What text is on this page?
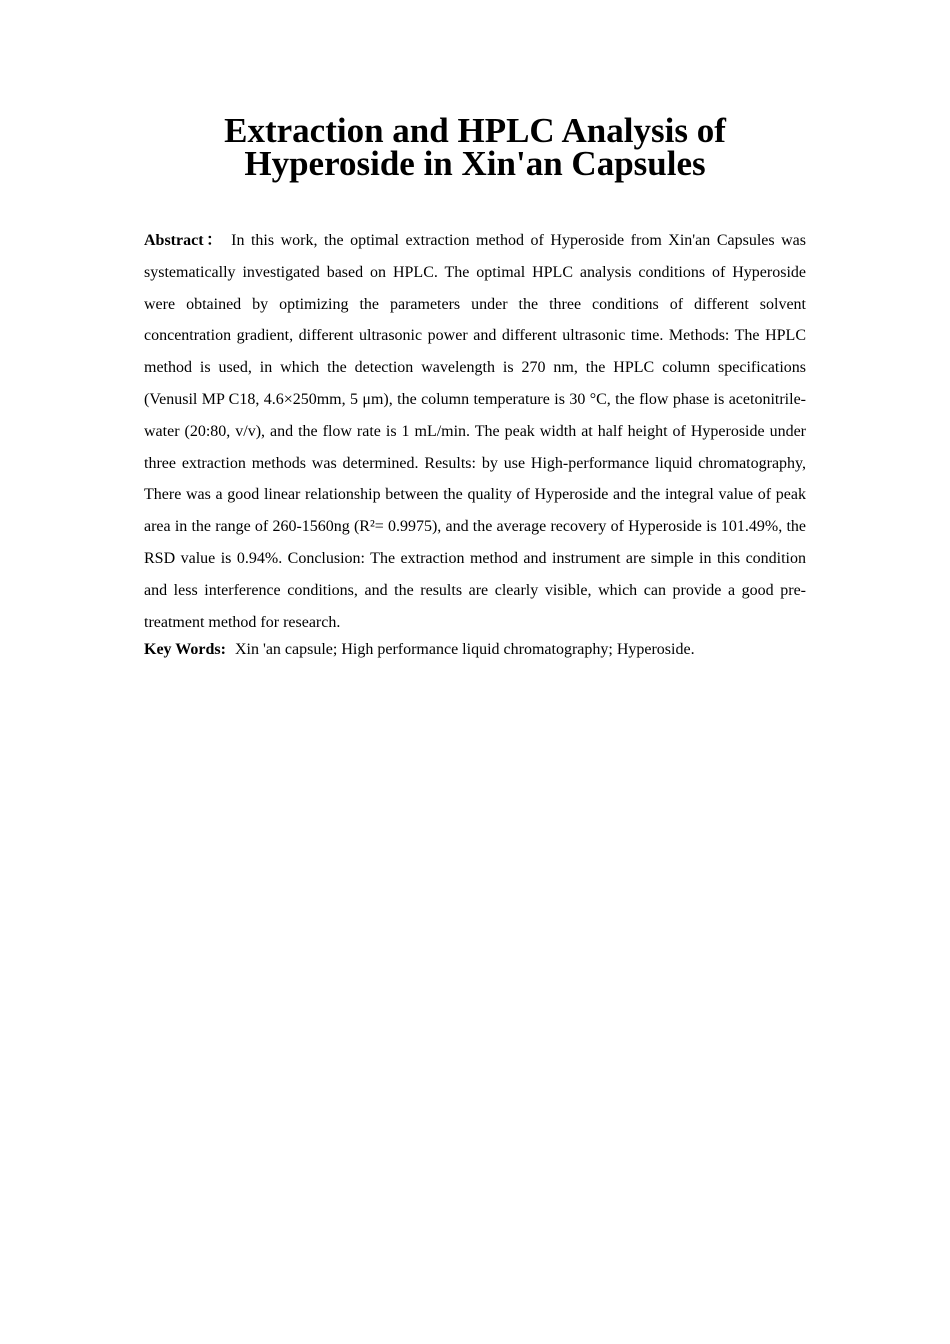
Extraction and HPLC Analysis of Hyperoside in Xin'an Capsules

Abstract： In this work, the optimal extraction method of Hyperoside from Xin'an Capsules was systematically investigated based on HPLC. The optimal HPLC analysis conditions of Hyperoside were obtained by optimizing the parameters under the three conditions of different solvent concentration gradient, different ultrasonic power and different ultrasonic time. Methods: The HPLC method is used, in which the detection wavelength is 270 nm, the HPLC column specifications (Venusil MP C18, 4.6×250mm, 5 μm), the column temperature is 30 °C, the flow phase is acetonitrile-water (20:80, v/v), and the flow rate is 1 mL/min. The peak width at half height of Hyperoside under three extraction methods was determined. Results: by use High-performance liquid chromatography, There was a good linear relationship between the quality of Hyperoside and the integral value of peak area in the range of 260-1560ng (R²= 0.9975), and the average recovery of Hyperoside is 101.49%, the RSD value is 0.94%. Conclusion: The extraction method and instrument are simple in this condition and less interference conditions, and the results are clearly visible, which can provide a good pre-treatment method for research.

Key Words: Xin 'an capsule; High performance liquid chromatography; Hyperoside.
